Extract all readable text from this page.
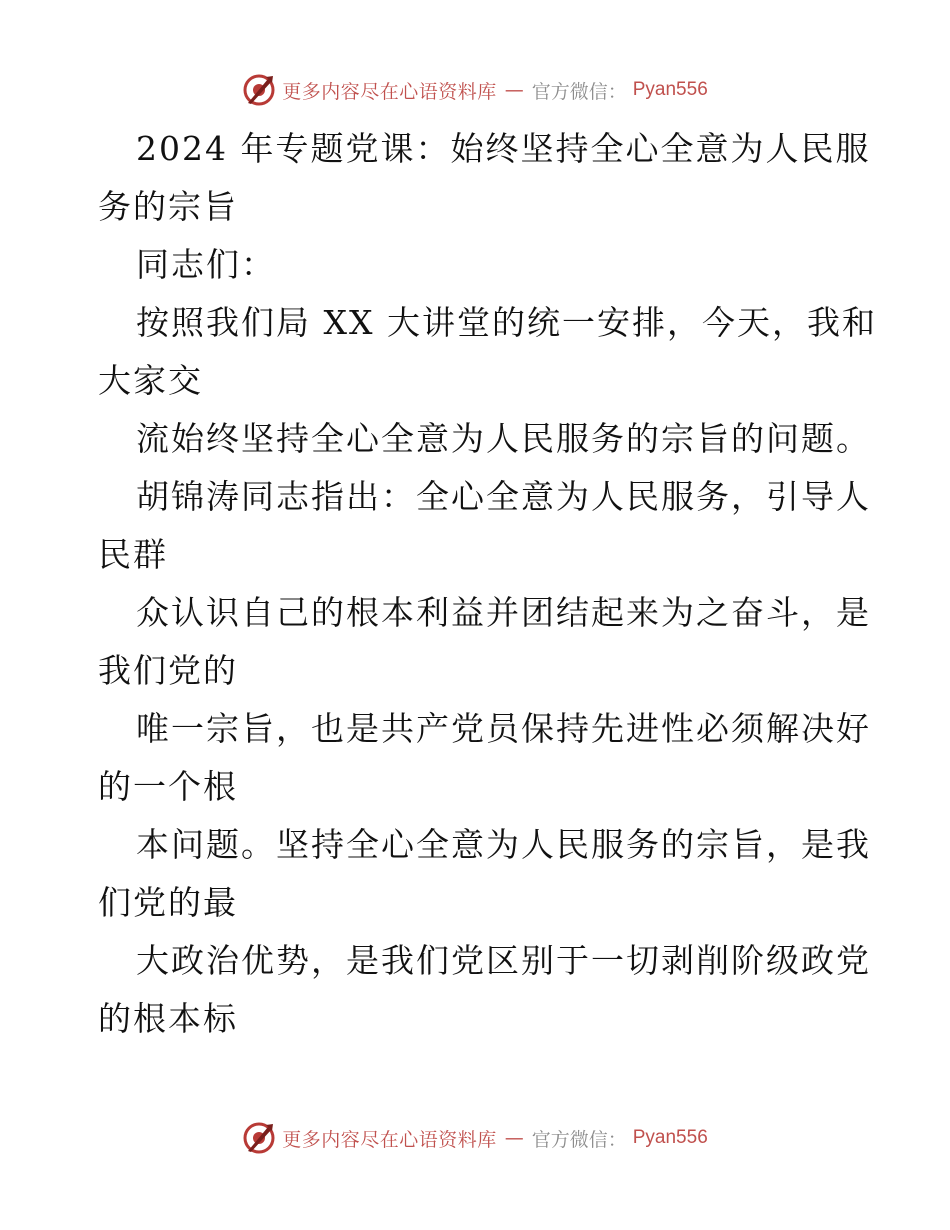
更多内容尽在心语资料库 — 官方微信： Pyan556
2024 年专题党课：始终坚持全心全意为人民服
务的宗旨
同志们：
按照我们局 XX 大讲堂的统一安排，今天，我和
大家交
流始终坚持全心全意为人民服务的宗旨的问题。
胡锦涛同志指出：全心全意为人民服务，引导人
民群
众认识自己的根本利益并团结起来为之奋斗，是
我们党的
唯一宗旨，也是共产党员保持先进性必须解决好
的一个根
本问题。坚持全心全意为人民服务的宗旨，是我
们党的最
大政治优势，是我们党区别于一切剥削阶级政党
的根本标
更多内容尽在心语资料库 — 官方微信： Pyan556
